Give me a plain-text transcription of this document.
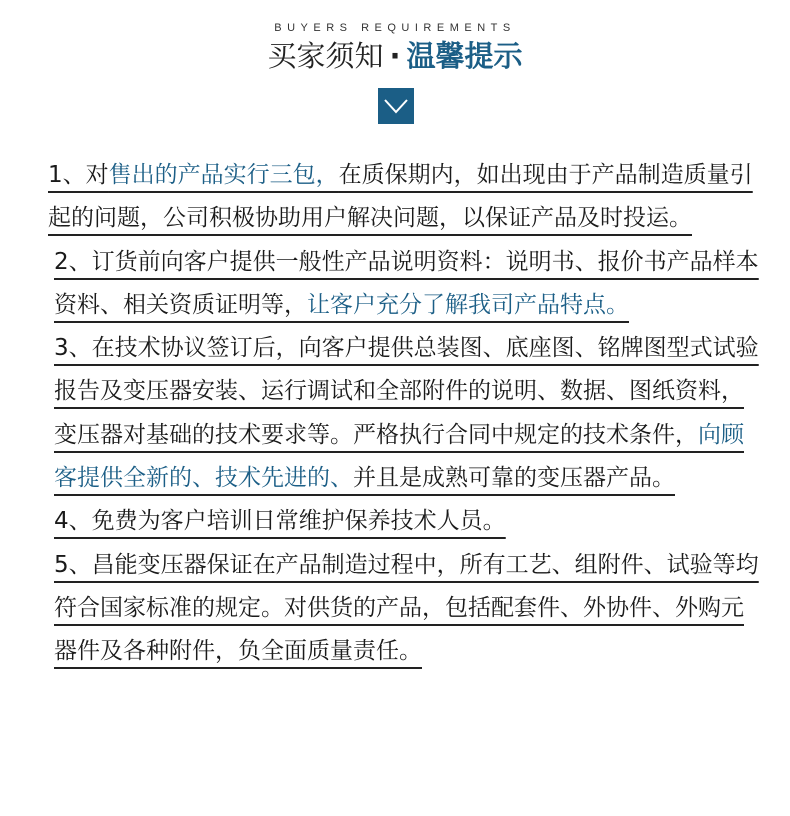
BUYERS REQUIREMENTS
买家须知 · 温馨提示

1、对售出的产品实行三包，在质保期内，如出现由于产品制造质量引起的问题，公司积极协助用户解决问题，以保证产品及时投运。

2、订货前向客户提供一般性产品说明资料：说明书、报价书产品样本资料、相关资质证明等，让客户充分了解我司产品特点。

3、在技术协议签订后，向客户提供总装图、底座图、铭牌图型式试验报告及变压器安装、运行调试和全部附件的说明、数据、图纸资料，变压器对基础的技术要求等。严格执行合同中规定的技术条件，向顾客提供全新的、技术先进的、并且是成熟可靠的变压器产品。

4、免费为客户培训日常维护保养技术人员。

5、昌能变压器保证在产品制造过程中，所有工艺、组附件、试验等均符合国家标准的规定。对供货的产品，包括配套件、外协件、外购元器件及各种附件，负全面质量责任。
